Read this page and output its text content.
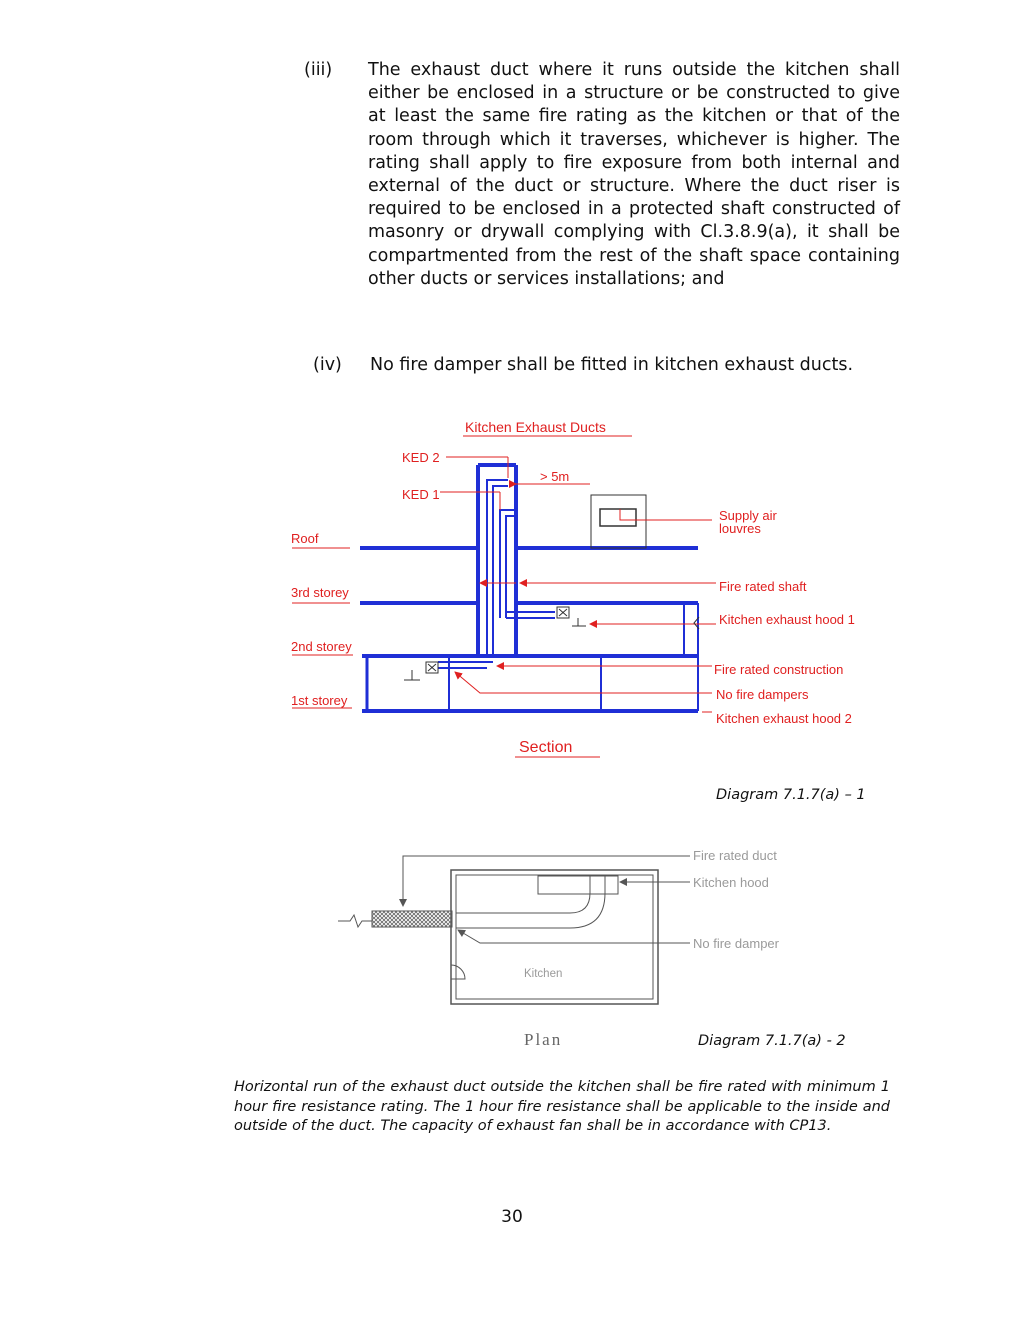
(iii) The exhaust duct where it runs outside the kitchen shall either be enclosed in a structure or be constructed to give at least the same fire rating as the kitchen or that of the room through which it traverses, whichever is higher. The rating shall apply to fire exposure from both internal and external of the duct or structure. Where the duct riser is required to be enclosed in a protected shaft constructed of masonry or drywall complying with Cl.3.8.9(a), it shall be compartmented from the rest of the shaft space containing other ducts or services installations; and
(iv) No fire damper shall be fitted in kitchen exhaust ducts.
Kitchen Exhaust Ducts
KED 2
KED 1
> 5m
Roof
3rd storey
2nd storey
1st storey
Supply air
louvres
Fire rated shaft
Kitchen exhaust hood 1
Fire rated construction
No fire dampers
Kitchen exhaust hood 2
Section
Fire rated duct
Kitchen hood
No fire damper
Kitchen
Plan
Diagram 7.1.7(a) – 1
Diagram 7.1.7(a) - 2
Horizontal run of the exhaust duct outside the kitchen shall be fire rated with minimum 1 hour fire resistance rating. The 1 hour fire resistance shall be applicable to the inside and outside of the duct. The capacity of exhaust fan shall be in accordance with CP13.
30
